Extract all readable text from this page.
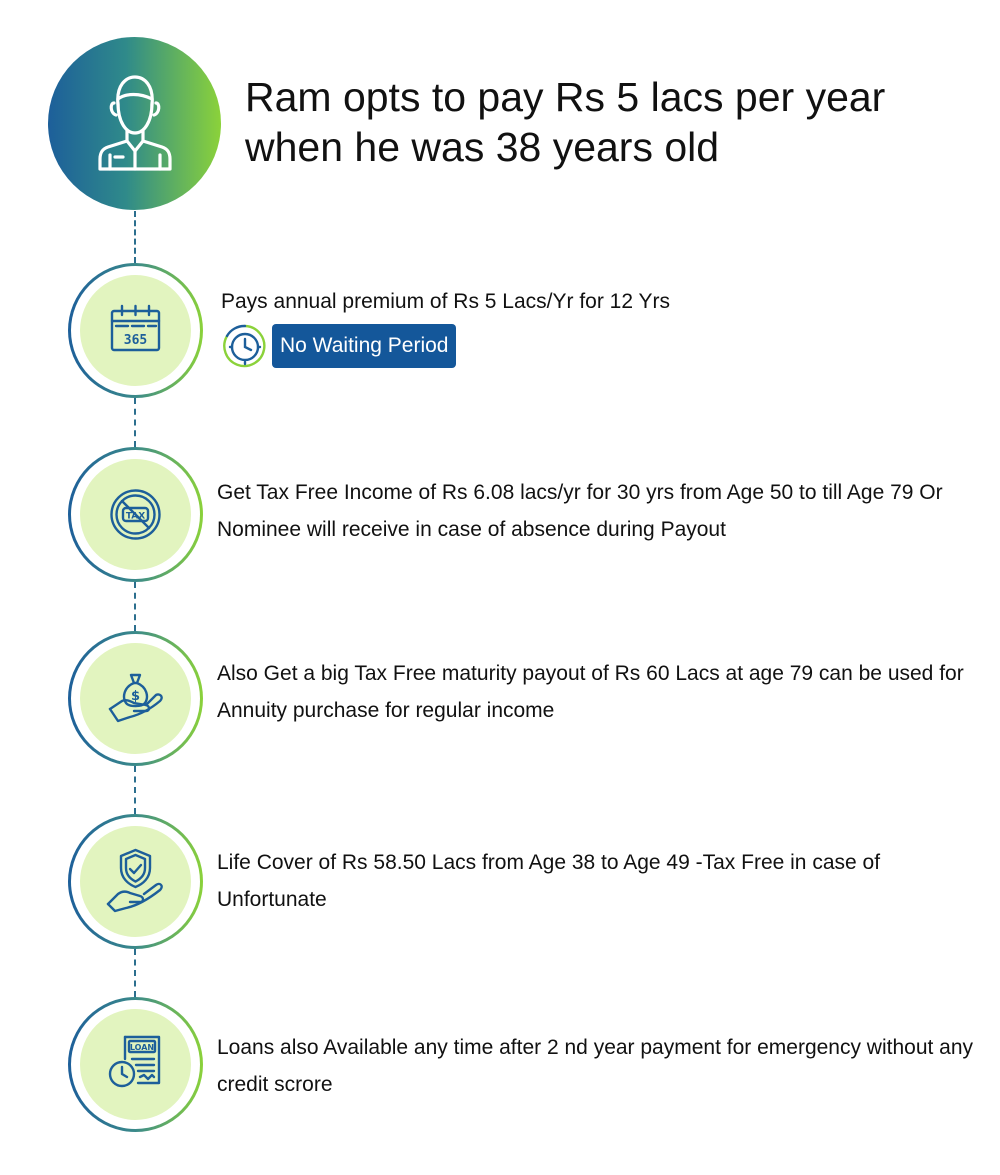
Ram opts to pay Rs 5 lacs per year when he was 38 years old
365

Pays annual premium of Rs 5 Lacs/Yr for 12 Yrs

No Waiting Period
TAX

Get Tax Free Income of Rs 6.08 lacs/yr for 30 yrs from Age 50 to till Age 79 Or Nominee will receive in case of absence during Payout

$

Also Get a big Tax Free maturity payout of Rs 60 Lacs at age 79 can be used for Annuity purchase for regular income

Life Cover of Rs 58.50 Lacs from Age 38 to Age 49 -Tax Free in case of Unfortunate

LOAN	Loans also Available any time after 2 nd year payment for emergency without any credit scrore
